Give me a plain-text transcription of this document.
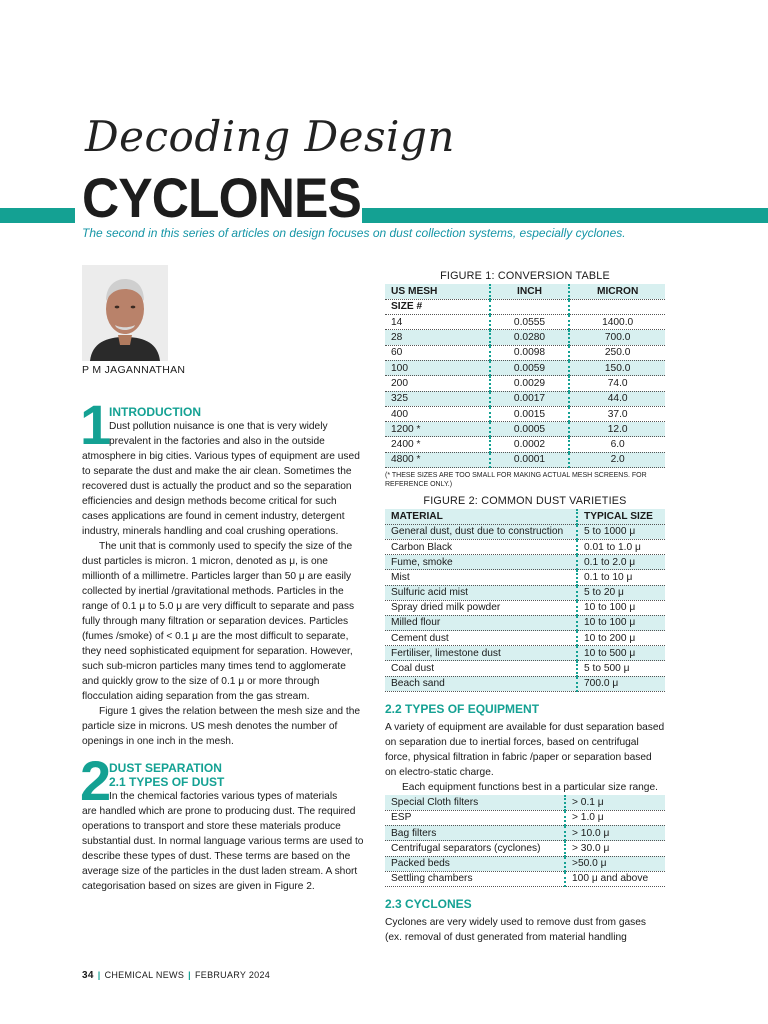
Decoding Design
CYCLONES
The second in this series of articles on design focuses on dust collection systems, especially cyclones.
P M JAGANNATHAN
1
INTRODUCTION
Dust pollution nuisance is one that is very widely prevalent in the factories and also in the outside
atmosphere in big cities. Various types of equipment are used to separate the dust and make the air clean. Sometimes the recovered dust is actually the product and so the separation efficiencies and design methods become critical for such cases applications are found in cement industry, detergent industry, minerals handling and coal crushing operations.
The unit that is commonly used to specify the size of the dust particles is micron. 1 micron, denoted as μ, is one millionth of a millimetre. Particles larger than 50 μ are easily collected by inertial /gravitational methods. Particles in the range of 0.1 μ to 5.0 μ are very difficult to separate and pass fully through many filtration or separation devices. Particles (fumes /smoke) of < 0.1 μ are the most difficult to separate, they need sophisticated equipment for separation. However, such sub-micron particles many times tend to agglomerate and quickly grow to the size of 0.1 μ or more through flocculation aiding separation from the gas stream.
Figure 1 gives the relation between the mesh size and the particle size in microns. US mesh denotes the number of openings in one inch in the mesh.
2
DUST SEPARATION
2.1 TYPES OF DUST
In the chemical factories various types of materials
are handled which are prone to producing dust. The required operations to transport and store these materials produce substantial dust. In normal language various terms are used to describe these types of dust. These terms are based on the average size of the particles in the dust laden stream. A short categorisation based on sizes are given in Figure 2.
FIGURE 1: CONVERSION TABLE
US MESH	INCH	MICRON
SIZE #		
14	0.0555	1400.0
28	0.0280	700.0
60	0.0098	250.0
100	0.0059	150.0
200	0.0029	74.0
325	0.0017	44.0
400	0.0015	37.0
1200 *	0.0005	12.0
2400 *	0.0002	6.0
4800 *	0.0001	2.0
(* THESE SIZES ARE TOO SMALL FOR MAKING ACTUAL MESH SCREENS. FOR REFERENCE ONLY.)
FIGURE 2: COMMON DUST VARIETIES
MATERIAL	TYPICAL SIZE
General dust, dust due to construction	5 to 1000 μ
Carbon Black	0.01 to 1.0 μ
Fume, smoke	0.1 to 2.0 μ
Mist	0.1 to 10 μ
Sulfuric acid mist	5 to 20 μ
Spray dried milk powder	10 to 100 μ
Milled flour	10 to 100 μ
Cement dust	10 to 200 μ
Fertiliser, limestone dust	10 to 500 μ
Coal dust	5 to 500 μ
Beach sand	700.0 μ
2.2 TYPES OF EQUIPMENT
A variety of equipment are available for dust separation based on separation due to inertial forces, based on centrifugal force, physical filtration in fabric /paper or separation based on electro-static charge.
Each equipment functions best in a particular size range.
Special Cloth filters	> 0.1 μ
ESP	> 1.0 μ
Bag filters	> 10.0 μ
Centrifugal separators (cyclones)	> 30.0 μ
Packed beds	>50.0 μ
Settling chambers	100 μ and above
2.3 CYCLONES
Cyclones are very widely used to remove dust from gases (ex. removal of dust generated from material handling
34 | CHEMICAL NEWS | FEBRUARY 2024
